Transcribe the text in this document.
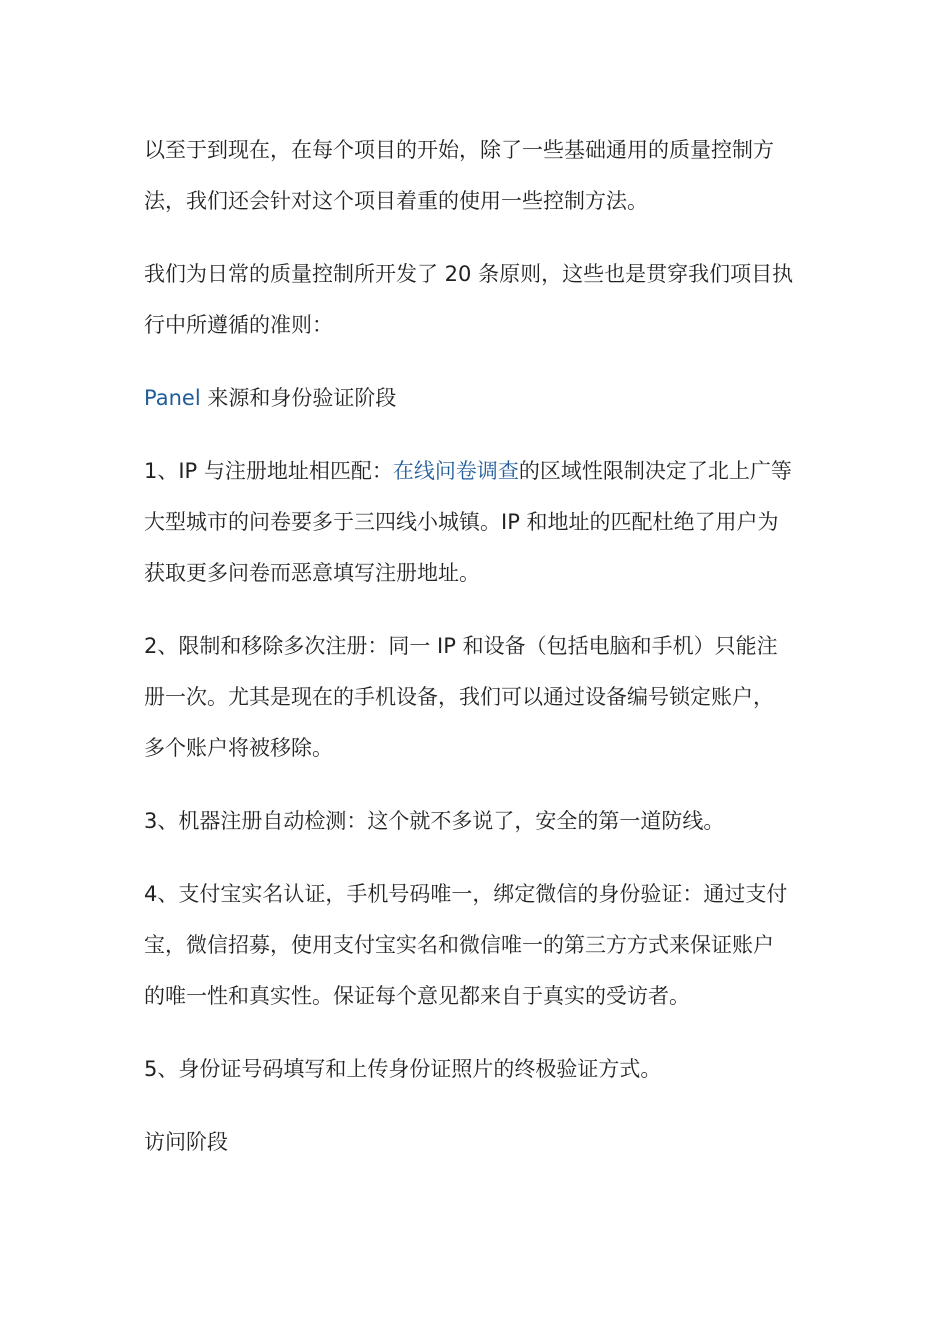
以至于到现在，在每个项目的开始，除了一些基础通用的质量控制方
法，我们还会针对这个项目着重的使用一些控制方法。
我们为日常的质量控制所开发了 20 条原则，这些也是贯穿我们项目执
行中所遵循的准则：
Panel 来源和身份验证阶段
1、IP 与注册地址相匹配：在线问卷调查的区域性限制决定了北上广等
大型城市的问卷要多于三四线小城镇。IP 和地址的匹配杜绝了用户为
获取更多问卷而恶意填写注册地址。
2、限制和移除多次注册：同一 IP 和设备（包括电脑和手机）只能注
册一次。尤其是现在的手机设备，我们可以通过设备编号锁定账户，
多个账户将被移除。
3、机器注册自动检测：这个就不多说了，安全的第一道防线。
4、支付宝实名认证，手机号码唯一，绑定微信的身份验证：通过支付
宝，微信招募，使用支付宝实名和微信唯一的第三方方式来保证账户
的唯一性和真实性。保证每个意见都来自于真实的受访者。
5、身份证号码填写和上传身份证照片的终极验证方式。
访问阶段
